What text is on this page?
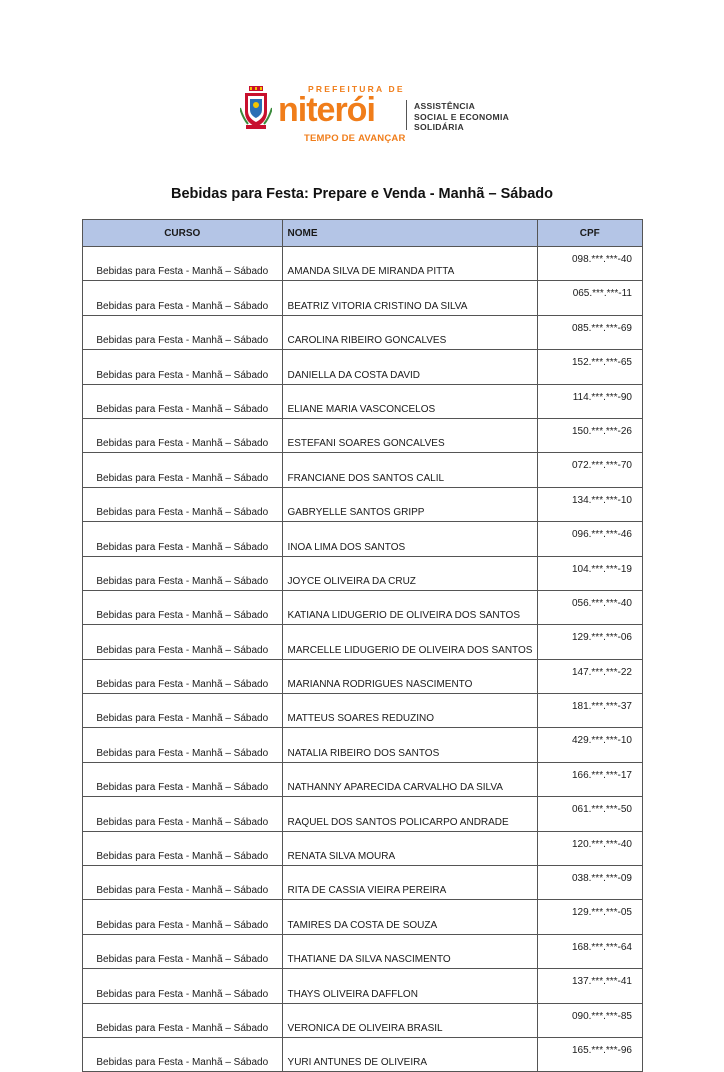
PREFEITURA DE
niterói
TEMPO DE AVANÇAR
ASSISTÊNCIA
SOCIAL E ECONOMIA
SOLIDÁRIA
Bebidas para Festa: Prepare e Venda - Manhã – Sábado
CURSO	NOME	CPF
Bebidas para Festa - Manhã – Sábado	AMANDA SILVA DE MIRANDA PITTA	098.***.***-40
Bebidas para Festa - Manhã – Sábado	BEATRIZ VITORIA CRISTINO DA SILVA	065.***.***-11
Bebidas para Festa - Manhã – Sábado	CAROLINA RIBEIRO GONCALVES	085.***.***-69
Bebidas para Festa - Manhã – Sábado	DANIELLA DA COSTA DAVID	152.***.***-65
Bebidas para Festa - Manhã – Sábado	ELIANE MARIA VASCONCELOS	114.***.***-90
Bebidas para Festa - Manhã – Sábado	ESTEFANI SOARES GONCALVES	150.***.***-26
Bebidas para Festa - Manhã – Sábado	FRANCIANE DOS SANTOS CALIL	072.***.***-70
Bebidas para Festa - Manhã – Sábado	GABRYELLE SANTOS GRIPP	134.***.***-10
Bebidas para Festa - Manhã – Sábado	INOA LIMA DOS SANTOS	096.***.***-46
Bebidas para Festa - Manhã – Sábado	JOYCE OLIVEIRA DA CRUZ	104.***.***-19
Bebidas para Festa - Manhã – Sábado	KATIANA LIDUGERIO DE OLIVEIRA DOS SANTOS	056.***.***-40
Bebidas para Festa - Manhã – Sábado	MARCELLE LIDUGERIO DE OLIVEIRA DOS SANTOS	129.***.***-06
Bebidas para Festa - Manhã – Sábado	MARIANNA RODRIGUES NASCIMENTO	147.***.***-22
Bebidas para Festa - Manhã – Sábado	MATTEUS SOARES REDUZINO	181.***.***-37
Bebidas para Festa - Manhã – Sábado	NATALIA RIBEIRO DOS SANTOS	429.***.***-10
Bebidas para Festa - Manhã – Sábado	NATHANNY APARECIDA CARVALHO DA SILVA	166.***.***-17
Bebidas para Festa - Manhã – Sábado	RAQUEL DOS SANTOS POLICARPO ANDRADE	061.***.***-50
Bebidas para Festa - Manhã – Sábado	RENATA SILVA MOURA	120.***.***-40
Bebidas para Festa - Manhã – Sábado	RITA DE CASSIA VIEIRA PEREIRA	038.***.***-09
Bebidas para Festa - Manhã – Sábado	TAMIRES DA COSTA DE SOUZA	129.***.***-05
Bebidas para Festa - Manhã – Sábado	THATIANE DA SILVA NASCIMENTO	168.***.***-64
Bebidas para Festa - Manhã – Sábado	THAYS OLIVEIRA DAFFLON	137.***.***-41
Bebidas para Festa - Manhã – Sábado	VERONICA DE OLIVEIRA BRASIL	090.***.***-85
Bebidas para Festa - Manhã – Sábado	YURI ANTUNES DE OLIVEIRA	165.***.***-96
